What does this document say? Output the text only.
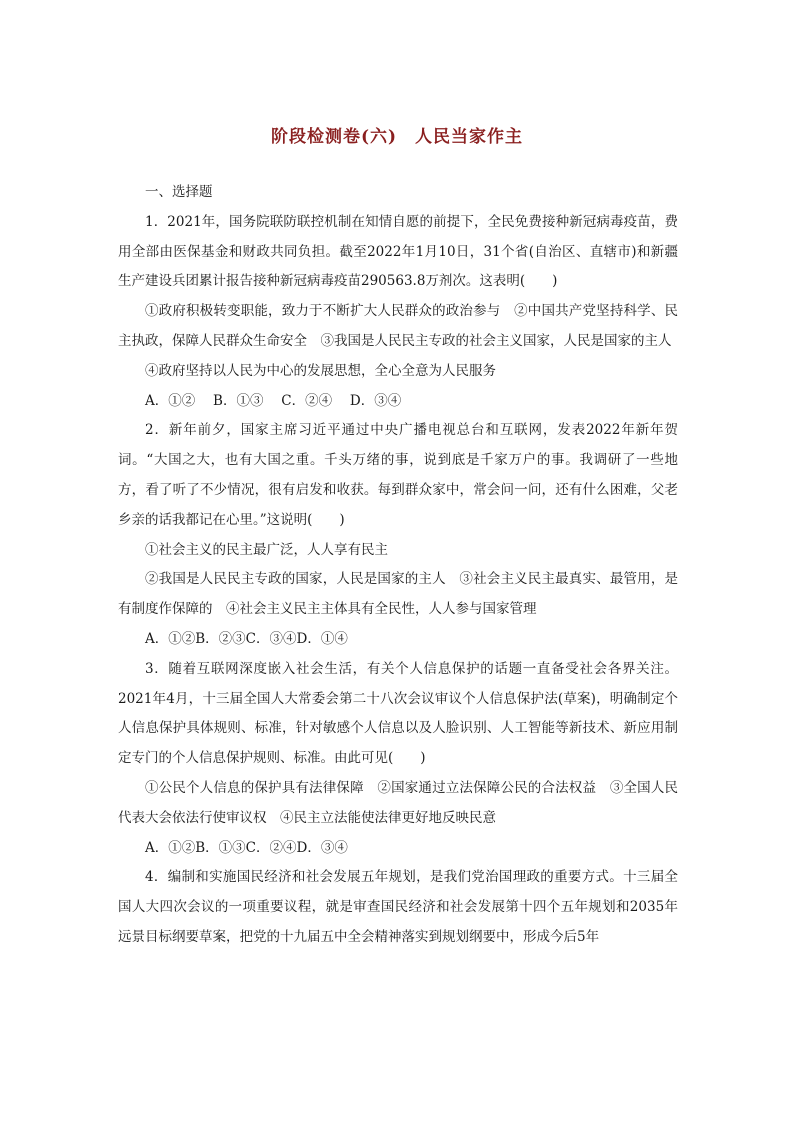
阶段检测卷(六)　人民当家作主

一、选择题

1．2021年，国务院联防联控机制在知情自愿的前提下，全民免费接种新冠病毒疫苗，费用全部由医保基金和财政共同负担。截至2022年1月10日，31个省(自治区、直辖市)和新疆生产建设兵团累计报告接种新冠病毒疫苗290563.8万剂次。这表明(　　)

①政府积极转变职能，致力于不断扩大人民群众的政治参与　②中国共产党坚持科学、民主执政，保障人民群众生命安全　③我国是人民民主专政的社会主义国家，人民是国家的主人

④政府坚持以人民为中心的发展思想，全心全意为人民服务

A．①②　 B．①③　 C．②④　 D．③④

2．新年前夕，国家主席习近平通过中央广播电视总台和互联网，发表2022年新年贺词。“大国之大，也有大国之重。千头万绪的事，说到底是千家万户的事。我调研了一些地方，看了听了不少情况，很有启发和收获。每到群众家中，常会问一问，还有什么困难，父老乡亲的话我都记在心里。”这说明(　　)

①社会主义的民主最广泛，人人享有民主

②我国是人民民主专政的国家，人民是国家的主人　③社会主义民主最真实、最管用，是有制度作保障的　④社会主义民主主体具有全民性，人人参与国家管理

A．①②B．②③C．③④D．①④

3．随着互联网深度嵌入社会生活，有关个人信息保护的话题一直备受社会各界关注。2021年4月，十三届全国人大常委会第二十八次会议审议个人信息保护法(草案)，明确制定个人信息保护具体规则、标准，针对敏感个人信息以及人脸识别、人工智能等新技术、新应用制定专门的个人信息保护规则、标准。由此可见(　　)

①公民个人信息的保护具有法律保障　②国家通过立法保障公民的合法权益　③全国人民代表大会依法行使审议权　④民主立法能使法律更好地反映民意

A．①②B．①③C．②④D．③④

4．编制和实施国民经济和社会发展五年规划，是我们党治国理政的重要方式。十三届全国人大四次会议的一项重要议程，就是审查国民经济和社会发展第十四个五年规划和2035年远景目标纲要草案，把党的十九届五中全会精神落实到规划纲要中，形成今后5年
